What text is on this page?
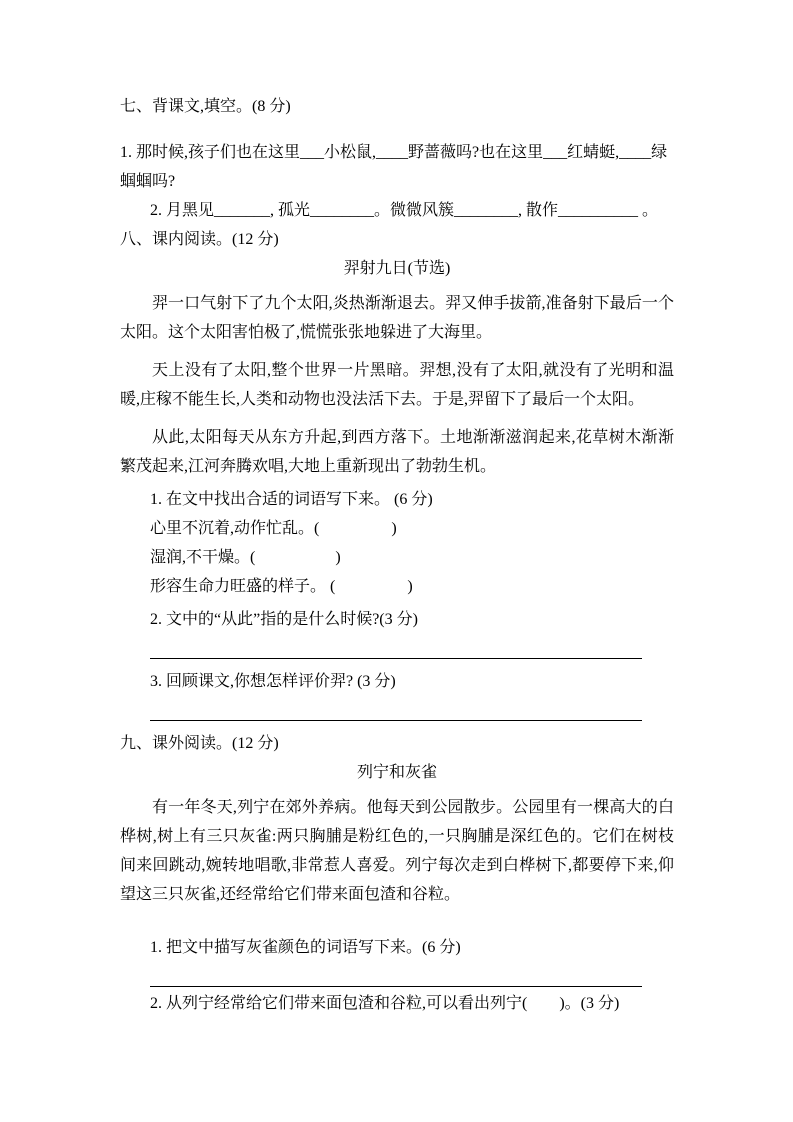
七、背课文,填空。(8 分)
1. 那时候,孩子们也在这里___小松鼠,____野蔷薇吗?也在这里___红蜻蜓,____绿蝈蝈吗?
2. 月黑见_______, 孤光________。微微风簇________, 散作__________ 。
八、课内阅读。(12 分)
羿射九日(节选)

羿一口气射下了九个太阳,炎热渐渐退去。羿又伸手拔箭,准备射下最后一个太阳。这个太阳害怕极了,慌慌张张地躲进了大海里。

天上没有了太阳,整个世界一片黑暗。羿想,没有了太阳,就没有了光明和温暖,庄稼不能生长,人类和动物也没法活下去。于是,羿留下了最后一个太阳。

从此,太阳每天从东方升起,到西方落下。土地渐渐滋润起来,花草树木渐渐繁茂起来,江河奔腾欢唱,大地上重新现出了勃勃生机。

1. 在文中找出合适的词语写下来。 (6 分)
心里不沉着,动作忙乱。(                  )
湿润,不干燥。(                    )
形容生命力旺盛的样子。 (                  )
2. 文中的“从此”指的是什么时候?(3 分)
3. 回顾课文,你想怎样评价羿? (3 分)
九、课外阅读。(12 分)
列宁和灰雀

有一年冬天,列宁在郊外养病。他每天到公园散步。公园里有一棵高大的白桦树,树上有三只灰雀:两只胸脯是粉红色的,一只胸脯是深红色的。它们在树枝间来回跳动,婉转地唱歌,非常惹人喜爱。列宁每次走到白桦树下,都要停下来,仰望这三只灰雀,还经常给它们带来面包渣和谷粒。

1. 把文中描写灰雀颜色的词语写下来。(6 分)
2. 从列宁经常给它们带来面包渣和谷粒,可以看出列宁(        )。(3 分)
